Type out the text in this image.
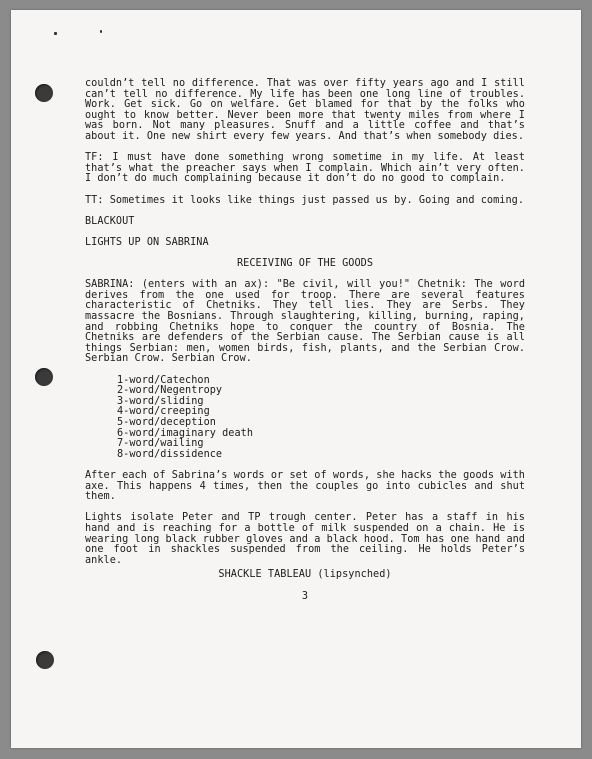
couldn’t tell no difference. That was over fifty years ago and I still can’t tell no difference. My life has been one long line of troubles. Work. Get sick. Go on welfare. Get blamed for that by the folks who ought to know better. Never been more that twenty miles from where I was born. Not many pleasures. Snuff and a little coffee and that’s about it. One new shirt every few years. And that’s when somebody dies.

TF: I must have done something wrong sometime in my life. At least that’s what the preacher says when I complain. Which ain’t very often. I don’t do much complaining because it don’t do no good to complain.

TT: Sometimes it looks like things just passed us by. Going and coming.

BLACKOUT

LIGHTS UP ON SABRINA

RECEIVING OF THE GOODS

SABRINA: (enters with an ax): "Be civil, will you!" Chetnik: The word derives from the one used for troop. There are several features characteristic of Chetniks. They tell lies. They are Serbs. They massacre the Bosnians. Through slaughtering, killing, burning, raping, and robbing Chetniks hope to conquer the country of Bosnia. The Chetniks are defenders of the Serbian cause. The Serbian cause is all things Serbian: men, women birds, fish, plants, and the Serbian Crow. Serbian Crow. Serbian Crow.

1-word/Catechon
2-word/Negentropy
3-word/sliding
4-word/creeping
5-word/deception
6-word/imaginary death
7-word/wailing
8-word/dissidence

After each of Sabrina’s words or set of words, she hacks the goods with axe. This happens 4 times, then the couples go into cubicles and shut them.

Lights isolate Peter and TP trough center. Peter has a staff in his hand and is reaching for a bottle of milk suspended on a chain. He is wearing long black rubber gloves and a black hood. Tom has one hand and one foot in shackles suspended from the ceiling. He holds Peter’s ankle.

SHACKLE TABLEAU (lipsynched)

3
